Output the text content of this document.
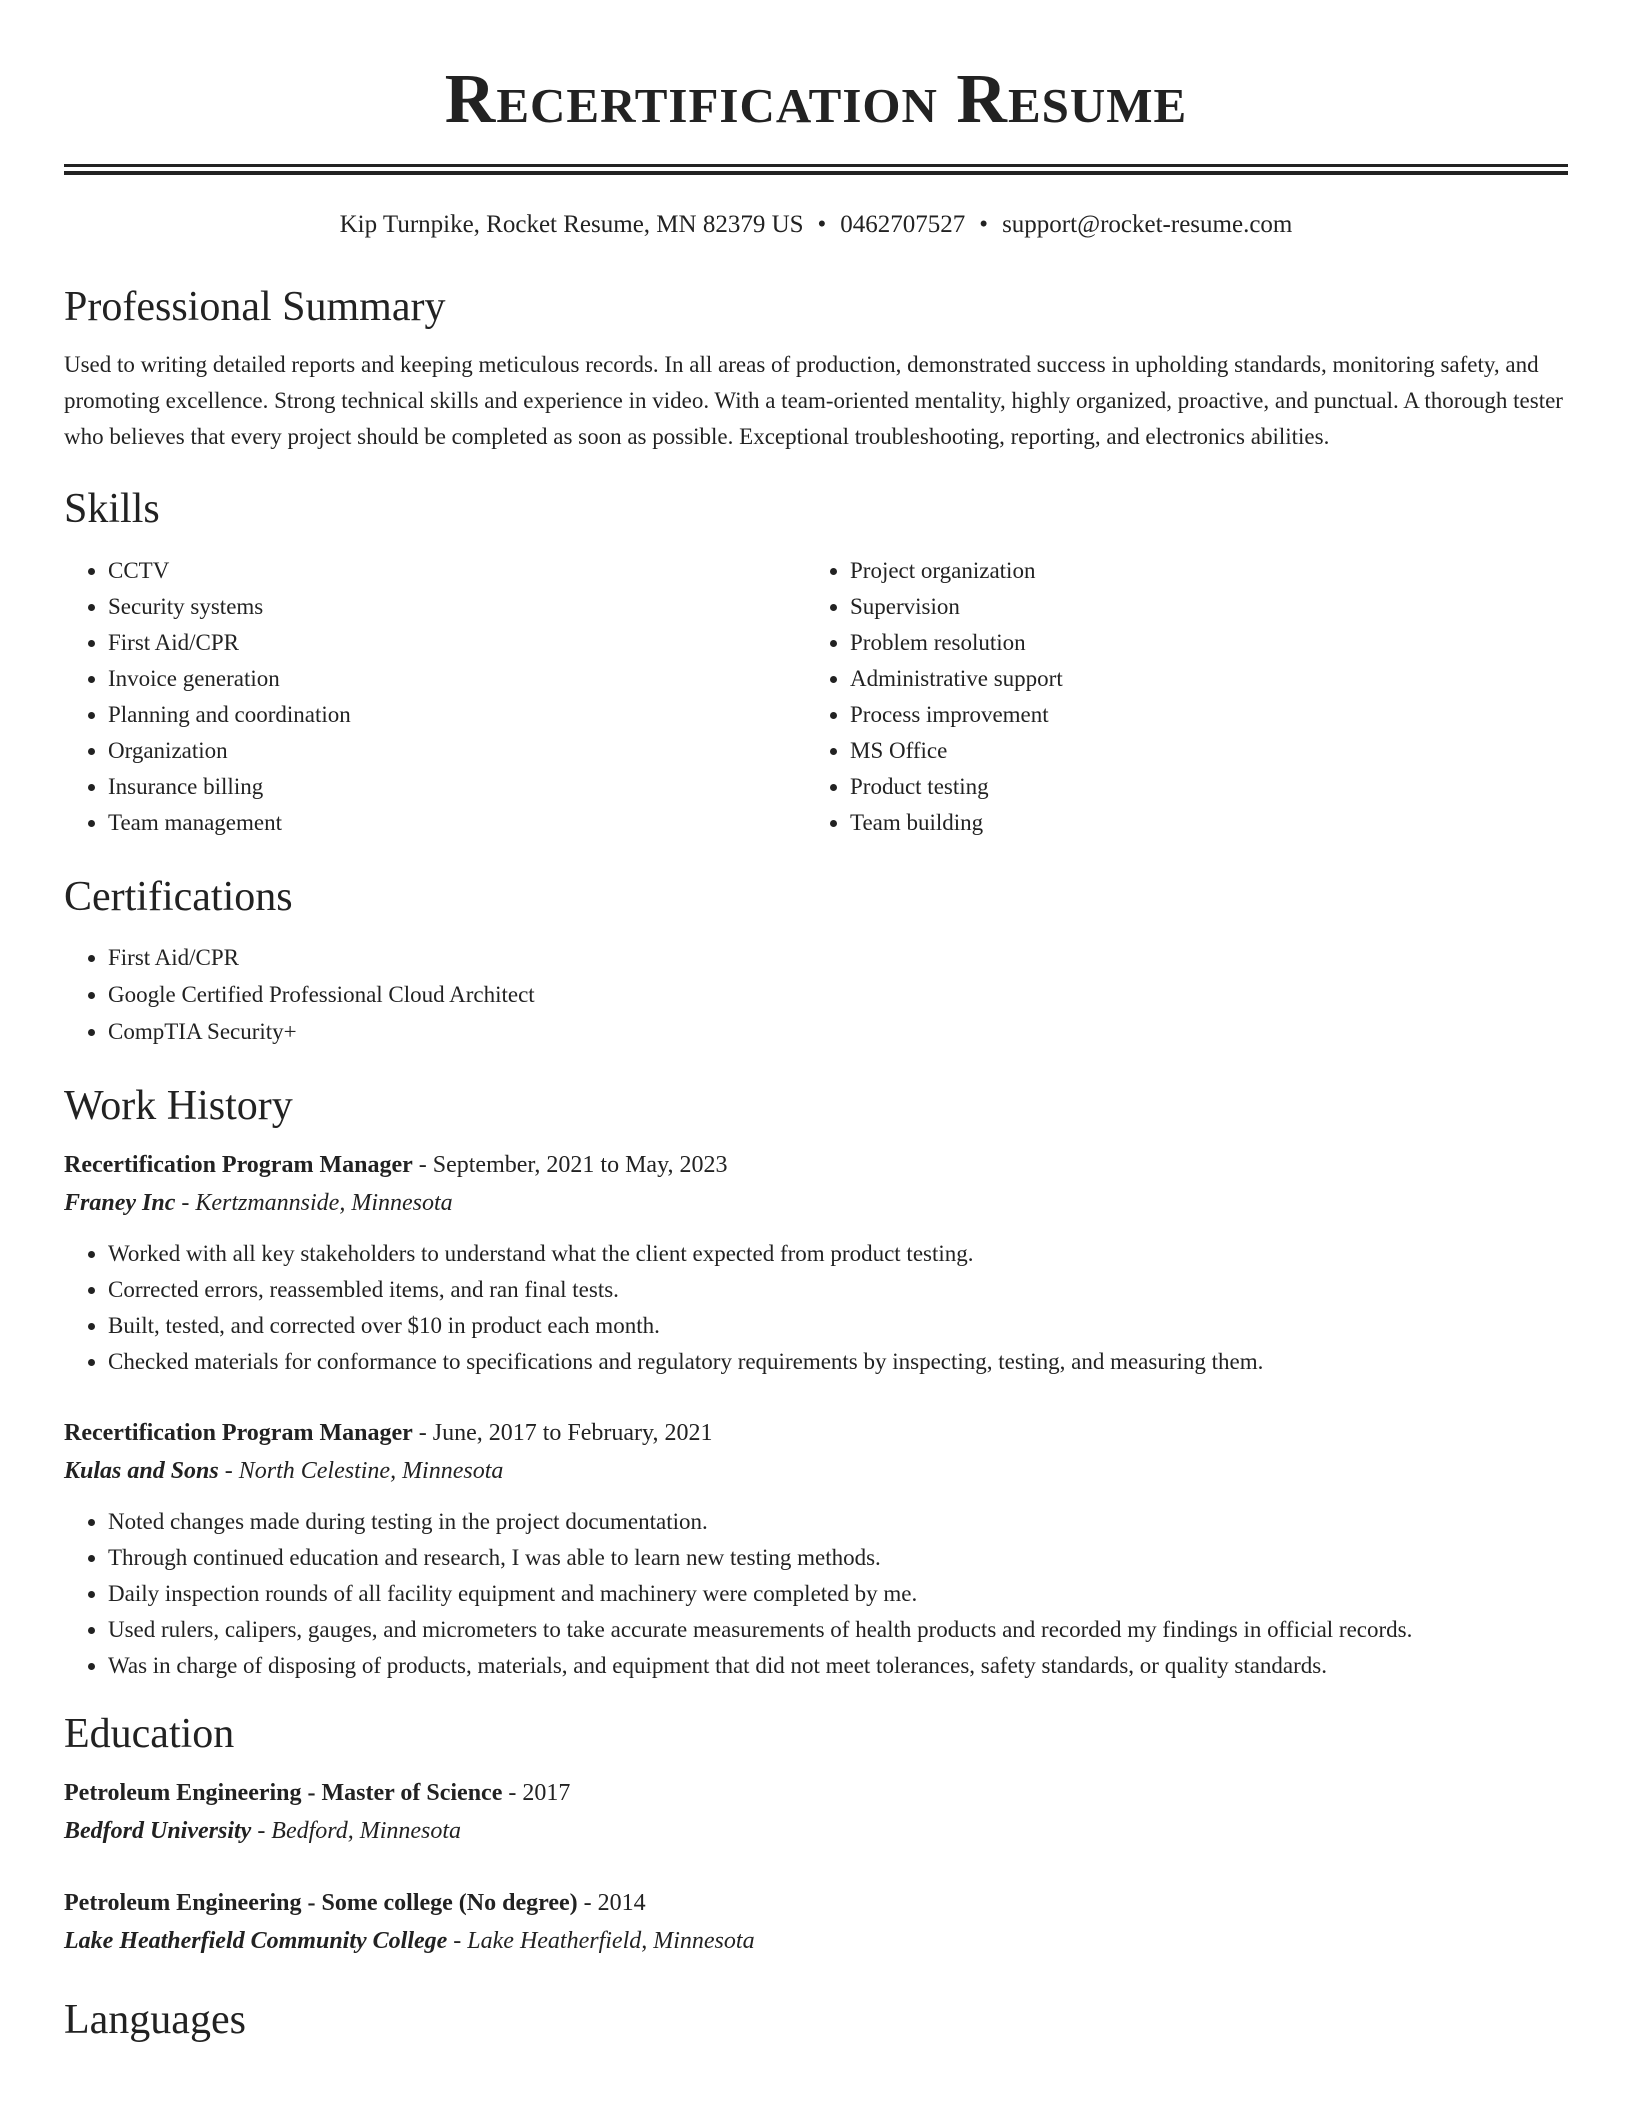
Recertification Resume
Kip Turnpike, Rocket Resume, MN 82379 US • 0462707527 • support@rocket-resume.com
Professional Summary

Used to writing detailed reports and keeping meticulous records. In all areas of production, demonstrated success in upholding standards, monitoring safety, and promoting excellence. Strong technical skills and experience in video. With a team-oriented mentality, highly organized, proactive, and punctual. A thorough tester who believes that every project should be completed as soon as possible. Exceptional troubleshooting, reporting, and electronics abilities.

Skills
• CCTV
• Security systems
• First Aid/CPR
• Invoice generation
• Planning and coordination
• Organization
• Insurance billing
• Team management
• Project organization
• Supervision
• Problem resolution
• Administrative support
• Process improvement
• MS Office
• Product testing
• Team building
Certifications
• First Aid/CPR
• Google Certified Professional Cloud Architect
• CompTIA Security+
Work History
Recertification Program Manager - September, 2021 to May, 2023
Franey Inc - Kertzmannside, Minnesota
• Worked with all key stakeholders to understand what the client expected from product testing.
• Corrected errors, reassembled items, and ran final tests.
• Built, tested, and corrected over $10 in product each month.
• Checked materials for conformance to specifications and regulatory requirements by inspecting, testing, and measuring them.
Recertification Program Manager - June, 2017 to February, 2021
Kulas and Sons - North Celestine, Minnesota
• Noted changes made during testing in the project documentation.
• Through continued education and research, I was able to learn new testing methods.
• Daily inspection rounds of all facility equipment and machinery were completed by me.
• Used rulers, calipers, gauges, and micrometers to take accurate measurements of health products and recorded my findings in official records.
• Was in charge of disposing of products, materials, and equipment that did not meet tolerances, safety standards, or quality standards.
Education
Petroleum Engineering - Master of Science - 2017
Bedford University - Bedford, Minnesota
Petroleum Engineering - Some college (No degree) - 2014
Lake Heatherfield Community College - Lake Heatherfield, Minnesota
Languages
